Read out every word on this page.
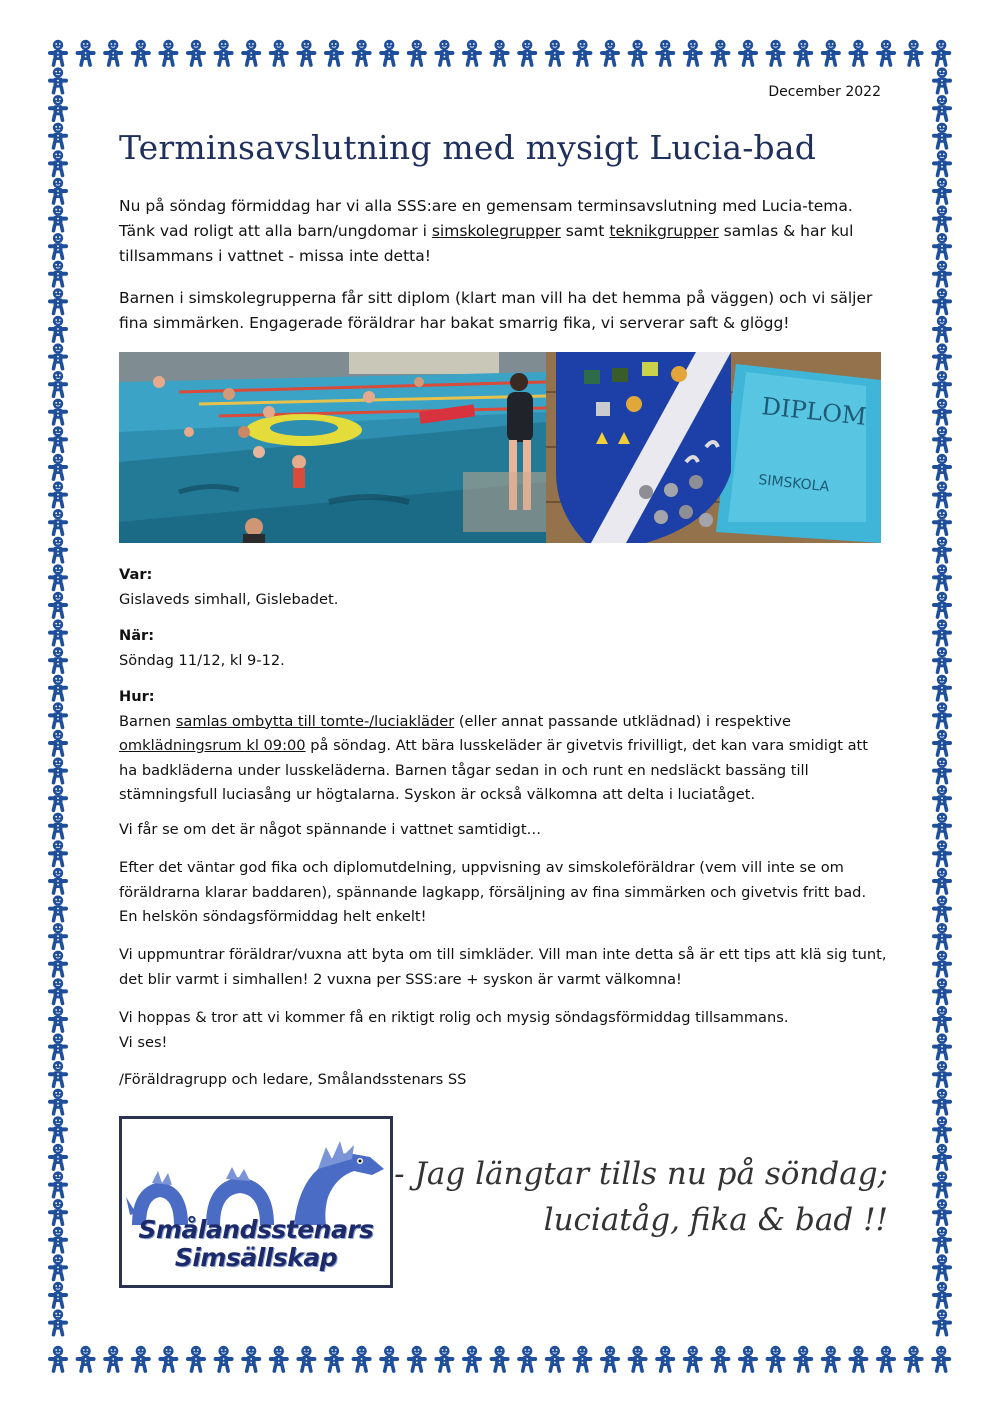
December 2022
Terminsavslutning med mysigt Lucia-bad

Nu på söndag förmiddag har vi alla SSS:are en gemensam terminsavslutning med Lucia-tema. Tänk vad roligt att alla barn/ungdomar i simskolegrupper samt teknikgrupper samlas & har kul tillsammans i vattnet - missa inte detta!

Barnen i simskolegrupperna får sitt diplom (klart man vill ha det hemma på väggen) och vi säljer fina simmärken. Engagerade föräldrar har bakat smarrig fika, vi serverar saft & glögg!

DIPLOM
SIMSKOLA
Var:
Gislaveds simhall, Gislebadet.
När:
Söndag 11/12, kl 9-12.
Hur:
Barnen samlas ombytta till tomte-/luciakläder (eller annat passande utklädnad) i respektive omklädningsrum kl 09:00 på söndag. Att bära lusskeläder är givetvis frivilligt, det kan vara smidigt att ha badkläderna under lusskeläderna. Barnen tågar sedan in och runt en nedsläckt bassäng till stämningsfull luciasång ur högtalarna. Syskon är också välkomna att delta i luciatåget.

Vi får se om det är något spännande i vattnet samtidigt…

Efter det väntar god fika och diplomutdelning, uppvisning av simskoleföräldrar (vem vill inte se om föräldrarna klarar baddaren), spännande lagkapp, försäljning av fina simmärken och givetvis fritt bad. En helskön söndagsförmiddag helt enkelt!

Vi uppmuntrar föräldrar/vuxna att byta om till simkläder. Vill man inte detta så är ett tips att klä sig tunt, det blir varmt i simhallen! 2 vuxna per SSS:are + syskon är varmt välkomna!

Vi hoppas & tror att vi kommer få en riktigt rolig och mysig söndagsförmiddag tillsammans.
Vi ses!

/Föräldragrupp och ledare, Smålandsstenars SS

Smålandsstenars
Simsällskap
- Jag längtar tills nu på söndag;
luciatåg, fika & bad !!
